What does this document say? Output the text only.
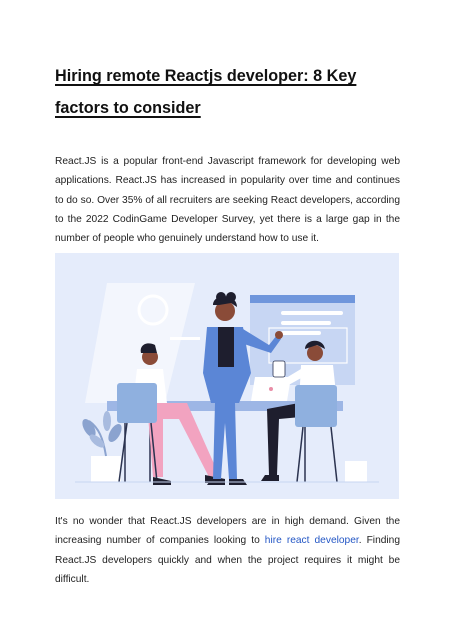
Hiring remote Reactjs developer: 8 Key factors to consider

React.JS is a popular front-end Javascript framework for developing web applications. React.JS has increased in popularity over time and continues to do so. Over 35% of all recruiters are seeking React developers, according to the 2022 CodinGame Developer Survey, yet there is a large gap in the number of people who genuinely understand how to use it.

It's no wonder that React.JS developers are in high demand. Given the increasing number of companies looking to hire react developer. Finding React.JS developers quickly and when the project requires it might be difficult.
